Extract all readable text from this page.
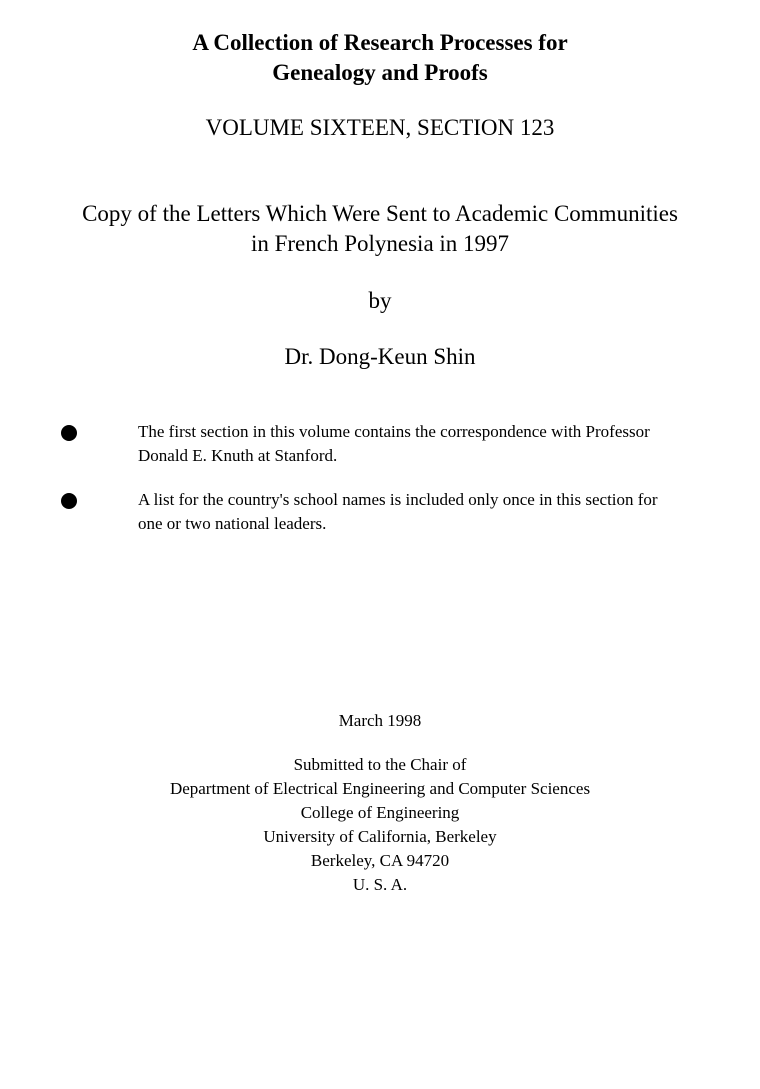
A Collection of Research Processes for
Genealogy and Proofs
VOLUME SIXTEEN, SECTION 123
Copy of the Letters Which Were Sent to Academic Communities
in French Polynesia in 1997
by
Dr. Dong-Keun Shin
The first section in this volume contains the correspondence with Professor
Donald E. Knuth at Stanford.
A list for the country's school names is included only once in this section for
one or two national leaders.
March 1998
Submitted to the Chair of
Department of Electrical Engineering and Computer Sciences
College of Engineering
University of California, Berkeley
Berkeley, CA 94720
U. S. A.
